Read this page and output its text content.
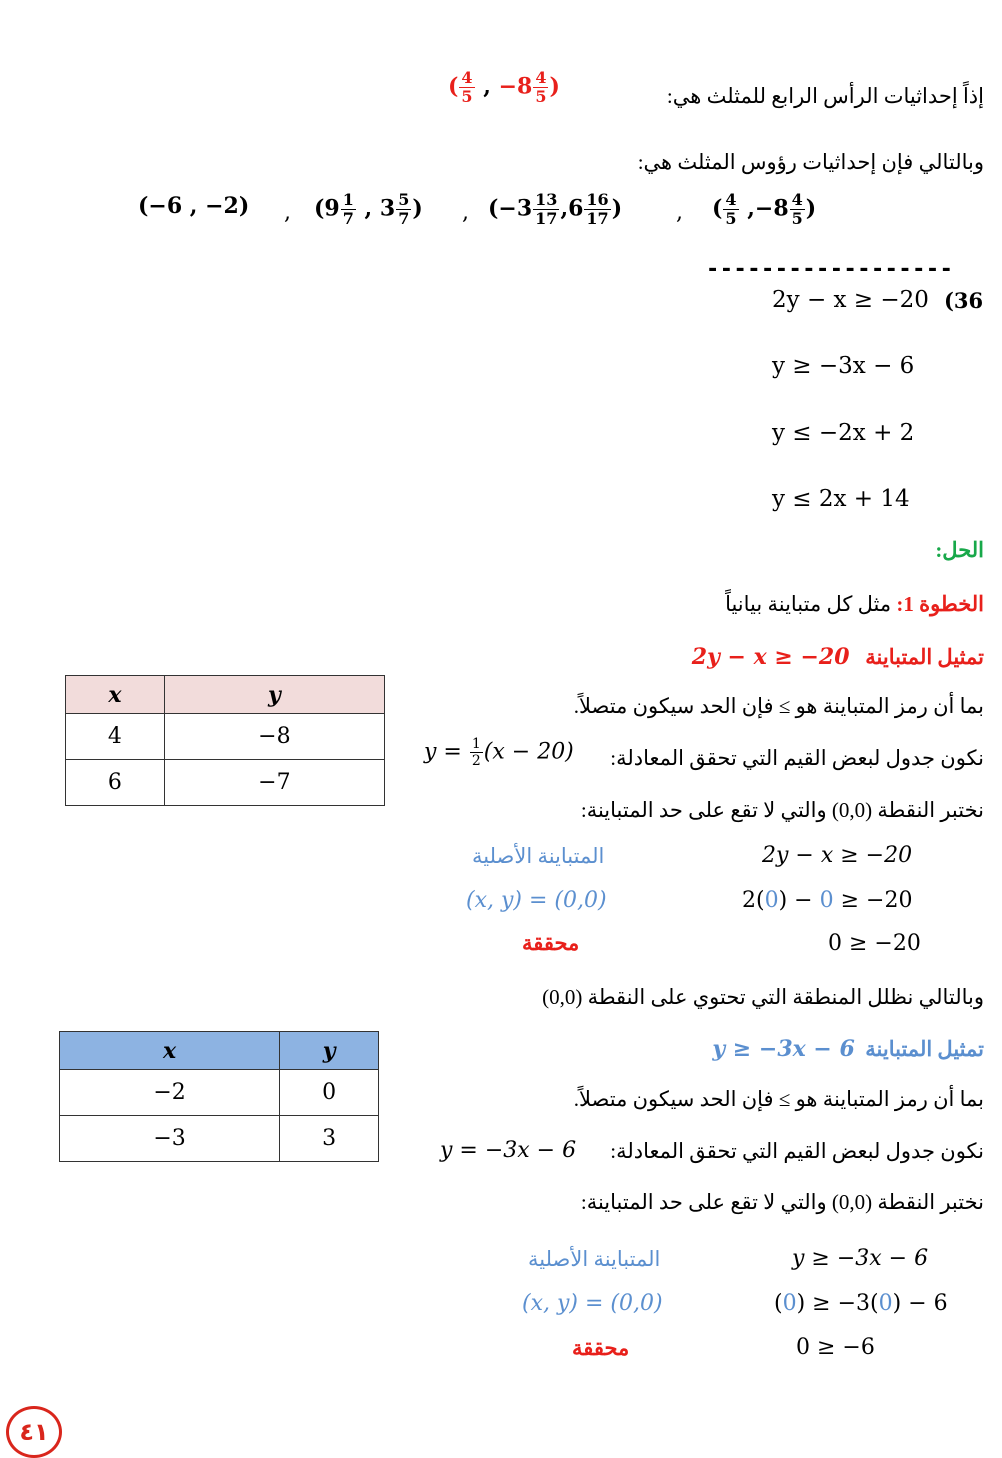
إذاً إحداثيات الرأس الرابع للمثلث هي:
( $\frac{4}{5}$ , $-8 \frac{4}{5}$ )
وبالتالي فإن إحداثيات رؤوس المثلث هي:
(−6 , −2) , ($9 \frac{1}{7}$ , $3 \frac{5}{7}$ ) , ($-3 \frac{13}{17} ,6 \frac{16}{17}$ ) , ( $\frac{4}{5} ,-8 \frac{4}{5}$ )
------------------
(36
2y − x ≥ −20
y ≥ −3x − 6
y ≤ −2x + 2
y ≤ 2x + 14
الحل:
الخطوة 1: مثل كل متباينة بيانياً
تمثيل المتباينة   2y − x ≥ −20
x	y
4	−8
6	−7
بما أن رمز المتباينة هو ≥ فإن الحد سيكون متصلاً.
نكون جدول لبعض القيم التي تحقق المعادلة:
$y = \frac{1}{2} (x - 20)$
نختبر النقطة (0,0) والتي لا تقع على حد المتباينة:
المتباينة الأصلية
(x, y) = (0,0)
محققة
2y − x ≥ −20
2(0) − 0 ≥ −20
0 ≥ −20
وبالتالي نظلل المنطقة التي تحتوي على النقطة (0,0)
تمثيل المتباينة  y ≥ −3x − 6
x	y
−2	0
−3	3
بما أن رمز المتباينة هو ≥ فإن الحد سيكون متصلاً.
نكون جدول لبعض القيم التي تحقق المعادلة:
y = −3x − 6
نختبر النقطة (0,0) والتي لا تقع على حد المتباينة:
المتباينة الأصلية
(x, y) = (0,0)
محققة
y ≥ −3x − 6
(0) ≥ −3(0) − 6
0 ≥ −6
٤١
